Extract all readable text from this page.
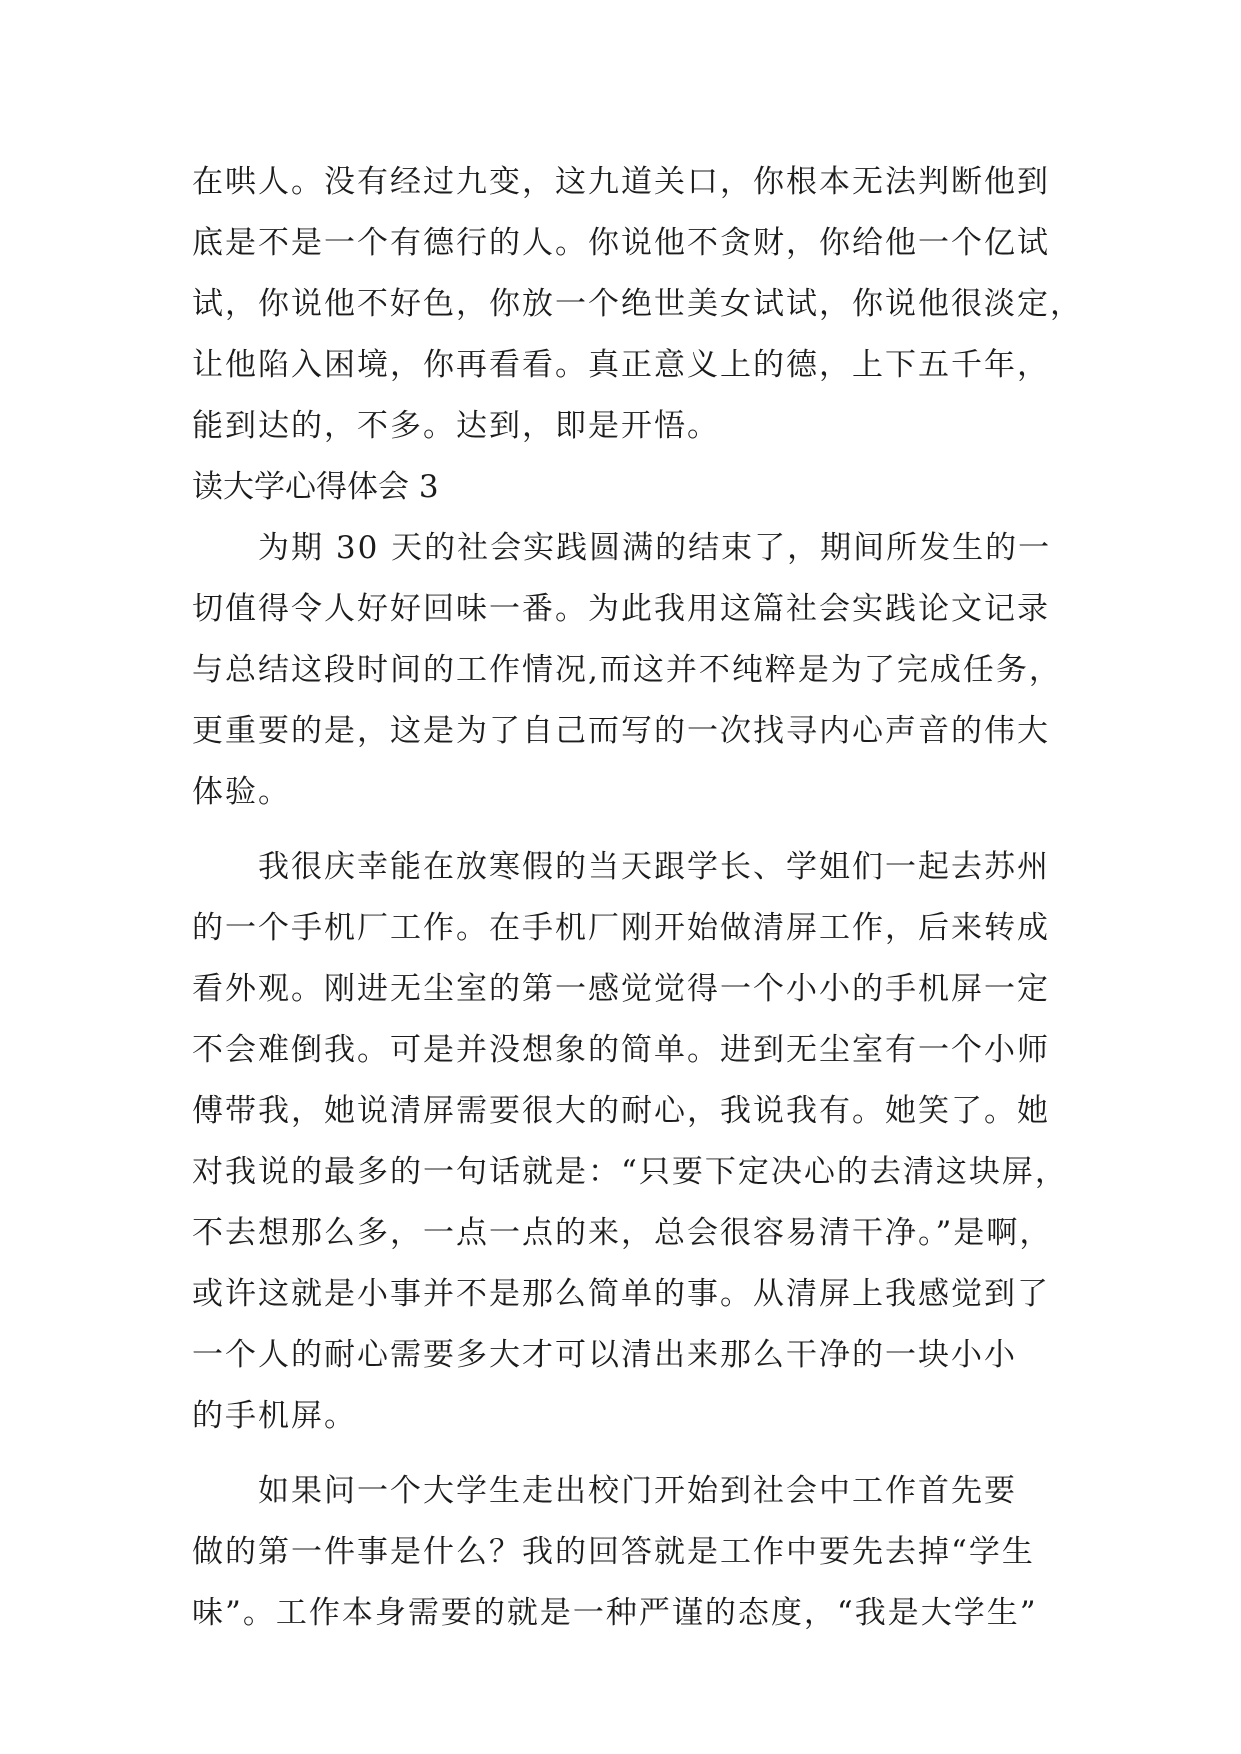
在哄人。没有经过九变，这九道关口，你根本无法判断他到
底是不是一个有德行的人。你说他不贪财，你给他一个亿试
试，你说他不好色，你放一个绝世美女试试，你说他很淡定，
让他陷入困境，你再看看。真正意义上的德，上下五千年，
能到达的，不多。达到，即是开悟。
读大学心得体会 3
为期 30 天的社会实践圆满的结束了，期间所发生的一
切值得令人好好回味一番。为此我用这篇社会实践论文记录
与总结这段时间的工作情况,而这并不纯粹是为了完成任务，
更重要的是，这是为了自己而写的一次找寻内心声音的伟大
体验。
我很庆幸能在放寒假的当天跟学长、学姐们一起去苏州
的一个手机厂工作。在手机厂刚开始做清屏工作，后来转成
看外观。刚进无尘室的第一感觉觉得一个小小的手机屏一定
不会难倒我。可是并没想象的简单。进到无尘室有一个小师
傅带我，她说清屏需要很大的耐心，我说我有。她笑了。她
对我说的最多的一句话就是：“只要下定决心的去清这块屏，
不去想那么多，一点一点的来，总会很容易清干净。”是啊，
或许这就是小事并不是那么简单的事。从清屏上我感觉到了
一个人的耐心需要多大才可以清出来那么干净的一块小小
的手机屏。
如果问一个大学生走出校门开始到社会中工作首先要
做的第一件事是什么？我的回答就是工作中要先去掉“学生
味”。工作本身需要的就是一种严谨的态度，“我是大学生”
